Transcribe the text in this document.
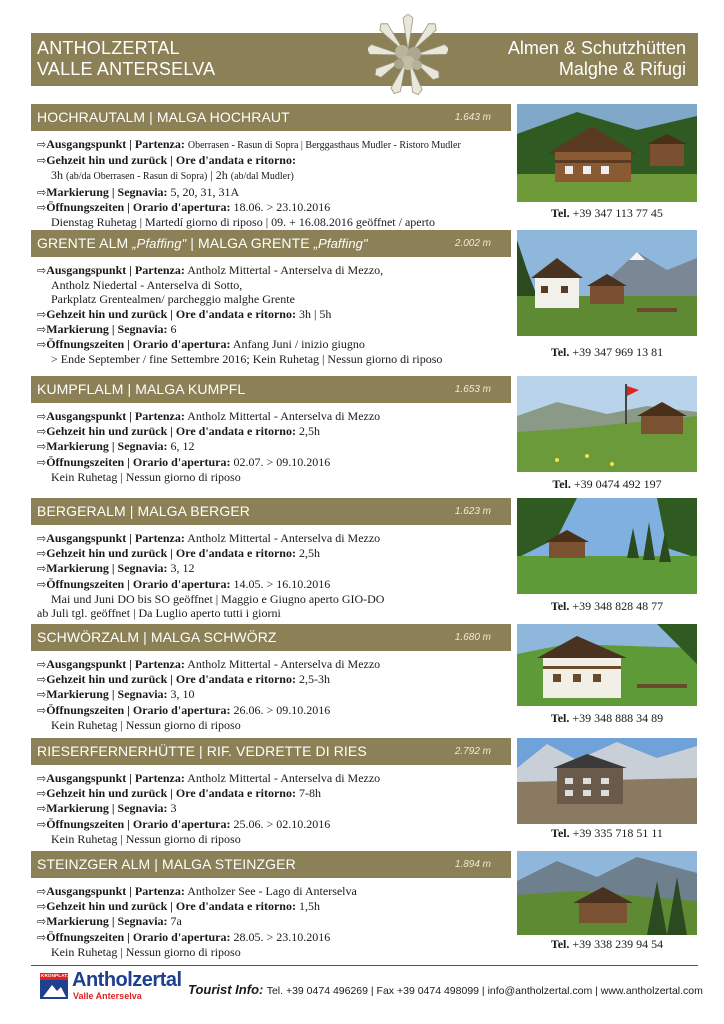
ANTHOLZERTAL
VALLE ANTERSELVA
Almen & Schutzhütten
Malghe & Rifugi
HOCHRAUTALM | MALGA HOCHRAUT	1.643 m
⇨Ausgangspunkt | Partenza: Oberrasen - Rasun di Sopra | Berggasthaus Mudler - Ristoro Mudler
⇨Gehzeit hin und zurück | Ore d'andata e ritorno:
3h (ab/da Oberrasen - Rasun di Sopra) | 2h (ab/dal Mudler)
⇨Markierung | Segnavia: 5, 20, 31, 31A
⇨Öffnungszeiten | Orario d'apertura: 18.06. > 23.10.2016
Dienstag Ruhetag | Martedí giorno di riposo | 09. + 16.08.2016 geöffnet / aperto
Tel. +39 347 113 77 45
GRENTE ALM „Pfaffing" | MALGA GRENTE „Pfaffing"	2.002 m
⇨Ausgangspunkt | Partenza: Antholz Mittertal - Anterselva di Mezzo,
Antholz Niedertal - Anterselva di Sotto,
Parkplatz Grentealmen/ parcheggio malghe Grente
⇨Gehzeit hin und zurück | Ore d'andata e ritorno: 3h | 5h
⇨Markierung | Segnavia: 6
⇨Öffnungszeiten | Orario d'apertura: Anfang Juni / inizio giugno
> Ende September / fine Settembre 2016; Kein Ruhetag | Nessun giorno di riposo
Tel. +39 347 969 13 81
KUMPFLALM | MALGA KUMPFL	1.653 m
⇨Ausgangspunkt | Partenza: Antholz Mittertal - Anterselva di Mezzo
⇨Gehzeit hin und zurück | Ore d'andata e ritorno: 2,5h
⇨Markierung | Segnavia: 6, 12
⇨Öffnungszeiten | Orario d'apertura: 02.07. > 09.10.2016
Kein Ruhetag | Nessun giorno di riposo
Tel. +39 0474 492 197
BERGERALM | MALGA BERGER	1.623 m
⇨Ausgangspunkt | Partenza: Antholz Mittertal - Anterselva di Mezzo
⇨Gehzeit hin und zurück | Ore d'andata e ritorno: 2,5h
⇨Markierung | Segnavia: 3, 12
⇨Öffnungszeiten | Orario d'apertura: 14.05. > 16.10.2016
Mai und Juni DO bis SO geöffnet | Maggio e Giugno aperto GIO-DO
ab Juli tgl. geöffnet | Da Luglio aperto tutti i giorni
Tel. +39 348 828 48 77
SCHWÖRZALM | MALGA SCHWÖRZ	1.680 m
⇨Ausgangspunkt | Partenza: Antholz Mittertal - Anterselva di Mezzo
⇨Gehzeit hin und zurück | Ore d'andata e ritorno: 2,5-3h
⇨Markierung | Segnavia: 3, 10
⇨Öffnungszeiten | Orario d'apertura: 26.06. > 09.10.2016
Kein Ruhetag | Nessun giorno di riposo	Tel. +39 348 888 34 89
RIESERFERNERHÜTTE | RIF. VEDRETTE DI RIES	2.792 m
⇨Ausgangspunkt | Partenza: Antholz Mittertal - Anterselva di Mezzo
⇨Gehzeit hin und zurück | Ore d'andata e ritorno: 7-8h
⇨Markierung | Segnavia: 3
⇨Öffnungszeiten | Orario d'apertura: 25.06. > 02.10.2016
Kein Ruhetag | Nessun giorno di riposo	Tel. +39 335 718 51 11
STEINZGER ALM | MALGA STEINZGER	1.894 m
⇨Ausgangspunkt | Partenza: Antholzer See - Lago di Anterselva
⇨Gehzeit hin und zurück | Ore d'andata e ritorno: 1,5h
⇨Markierung | Segnavia: 7a
⇨Öffnungszeiten | Orario d'apertura: 28.05. > 23.10.2016
Kein Ruhetag | Nessun giorno di riposo
Tel. +39 338 239 94 54
KRONPLATZ Antholzertal
Valle Anterselva	Tourist Info: Tel. +39 0474 496269 | Fax +39 0474 498099 | info@antholzertal.com | www.antholzertal.com
